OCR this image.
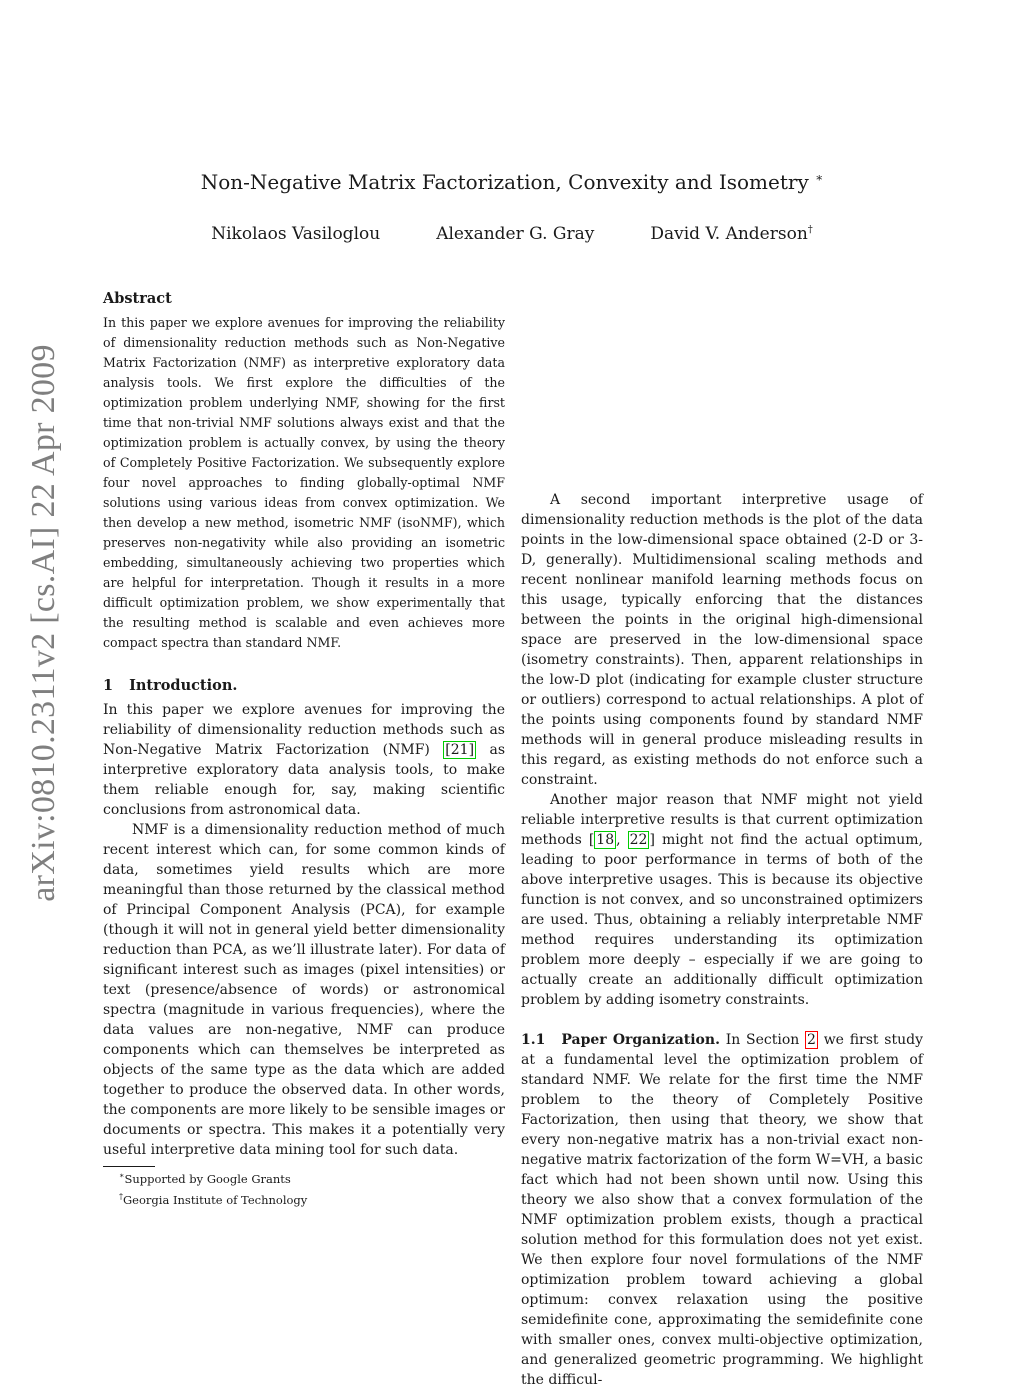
arXiv:0810.2311v2 [cs.AI] 22 Apr 2009
Non-Negative Matrix Factorization, Convexity and Isometry ∗
Nikolaos Vasiloglou	Alexander G. Gray	David V. Anderson†
Abstract

In this paper we explore avenues for improving the reliability of dimensionality reduction methods such as Non-Negative Matrix Factorization (NMF) as interpretive exploratory data analysis tools. We first explore the difficulties of the optimization problem underlying NMF, showing for the first time that non-trivial NMF solutions always exist and that the optimization problem is actually convex, by using the theory of Completely Positive Factorization. We subsequently explore four novel approaches to finding globally-optimal NMF solutions using various ideas from convex optimization. We then develop a new method, isometric NMF (isoNMF), which preserves non-negativity while also providing an isometric embedding, simultaneously achieving two properties which are helpful for interpretation. Though it results in a more difficult optimization problem, we show experimentally that the resulting method is scalable and even achieves more compact spectra than standard NMF.

1 Introduction.

In this paper we explore avenues for improving the reliability of dimensionality reduction methods such as Non-Negative Matrix Factorization (NMF) [21] as interpretive exploratory data analysis tools, to make them reliable enough for, say, making scientific conclusions from astronomical data.

NMF is a dimensionality reduction method of much recent interest which can, for some common kinds of data, sometimes yield results which are more meaningful than those returned by the classical method of Principal Component Analysis (PCA), for example (though it will not in general yield better dimensionality reduction than PCA, as we’ll illustrate later). For data of significant interest such as images (pixel intensities) or text (presence/absence of words) or astronomical spectra (magnitude in various frequencies), where the data values are non-negative, NMF can produce components which can themselves be interpreted as objects of the same type as the data which are added together to produce the observed data. In other words, the components are more likely to be sensible images or documents or spectra. This makes it a potentially very useful interpretive data mining tool for such data.

A second important interpretive usage of dimensionality reduction methods is the plot of the data points in the low-dimensional space obtained (2-D or 3-D, generally). Multidimensional scaling methods and recent nonlinear manifold learning methods focus on this usage, typically enforcing that the distances between the points in the original high-dimensional space are preserved in the low-dimensional space (isometry constraints). Then, apparent relationships in the low-D plot (indicating for example cluster structure or outliers) correspond to actual relationships. A plot of the points using components found by standard NMF methods will in general produce misleading results in this regard, as existing methods do not enforce such a constraint.

Another major reason that NMF might not yield reliable interpretive results is that current optimization methods [ 18 , 22 ] might not find the actual optimum, leading to poor performance in terms of both of the above interpretive usages. This is because its objective function is not convex, and so unconstrained optimizers are used. Thus, obtaining a reliably interpretable NMF method requires understanding its optimization problem more deeply – especially if we are going to actually create an additionally difficult optimization problem by adding isometry constraints.

1.1 Paper Organization. In Section 2 we first study at a fundamental level the optimization problem of standard NMF. We relate for the first time the NMF problem to the theory of Completely Positive Factorization, then using that theory, we show that every non-negative matrix has a non-trivial exact non-negative matrix factorization of the form W=VH, a basic fact which had not been shown until now. Using this theory we also show that a convex formulation of the NMF optimization problem exists, though a practical solution method for this formulation does not yet exist. We then explore four novel formulations of the NMF optimization problem toward achieving a global optimum: convex relaxation using the positive semidefinite cone, approximating the semidefinite cone with smaller ones, convex multi-objective optimization, and generalized geometric programming. We highlight the difficul-

∗Supported by Google Grants
†Georgia Institute of Technology
